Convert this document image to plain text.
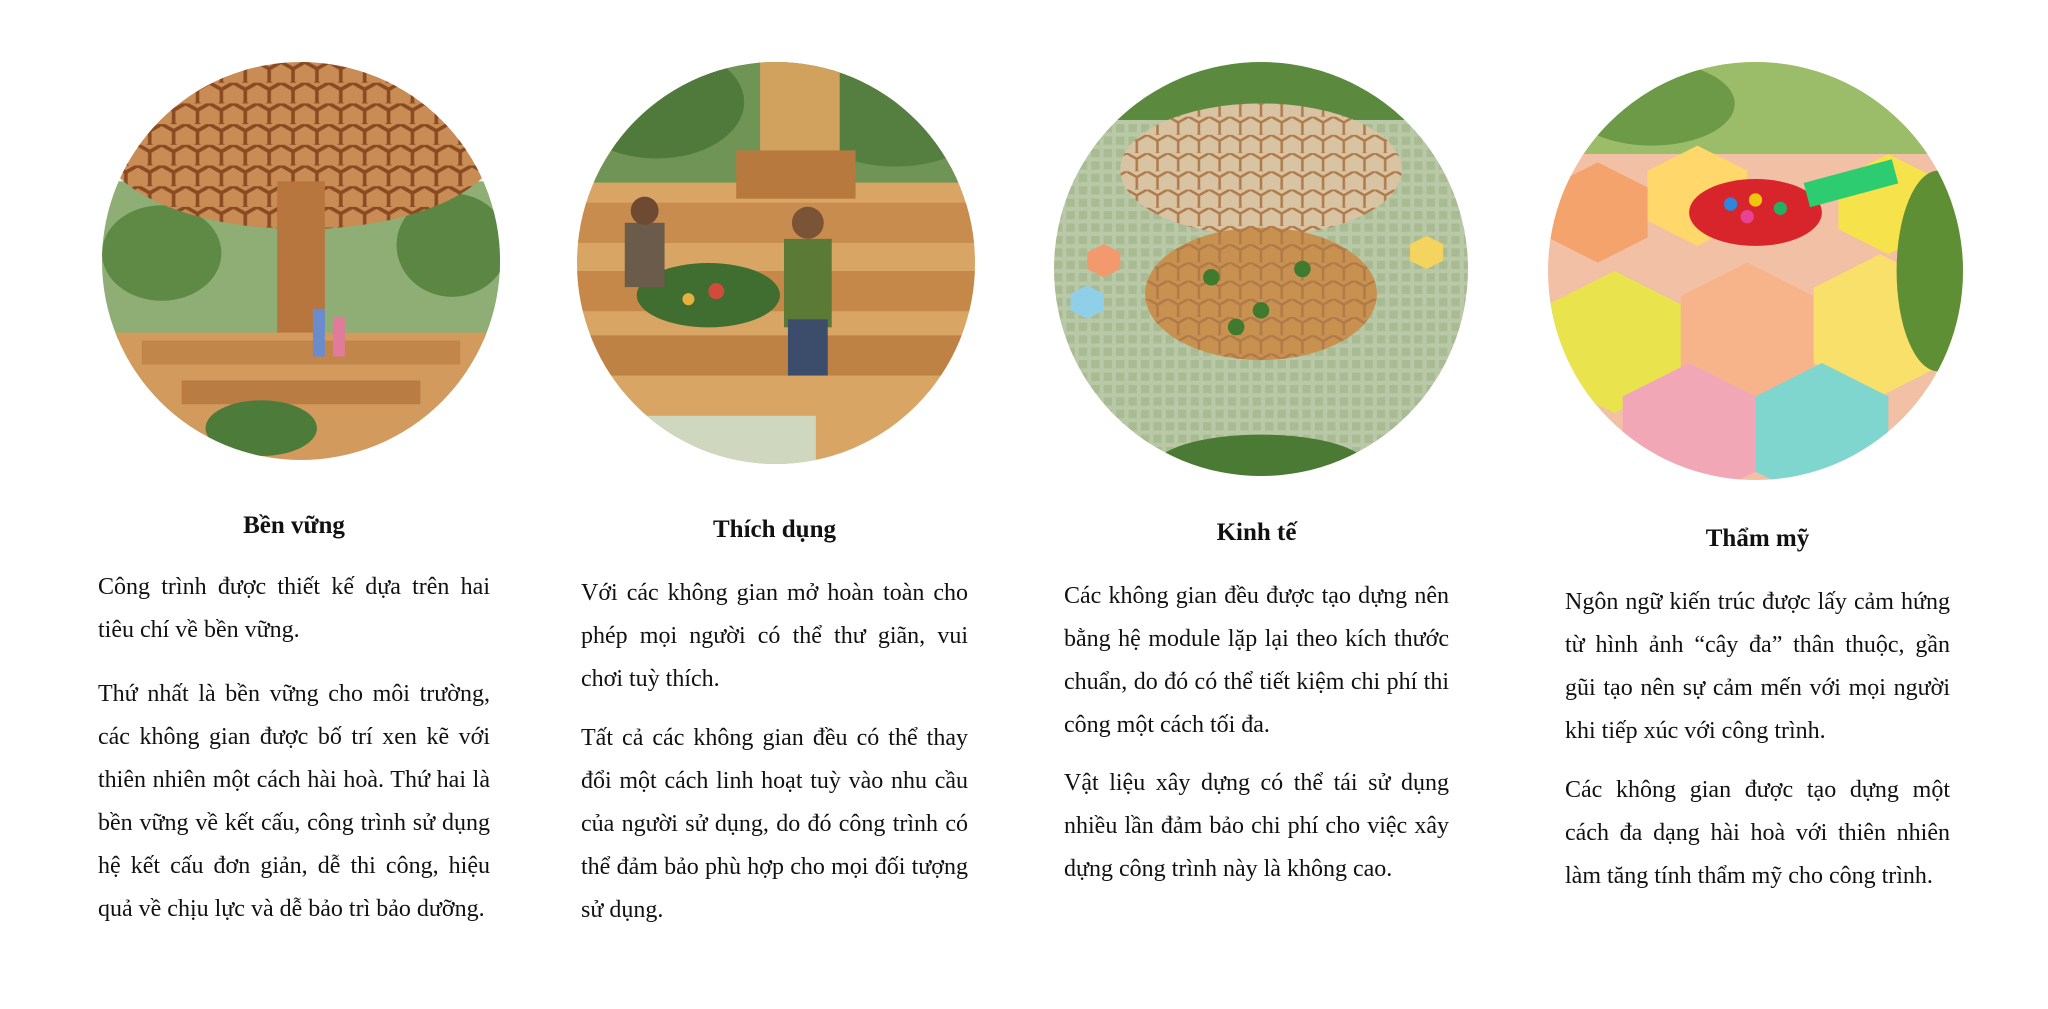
Bền vững

Công trình được thiết kế dựa trên hai tiêu chí về bền vững.

Thứ nhất là bền vững cho môi trường, các không gian được bố trí xen kẽ với thiên nhiên một cách hài hoà. Thứ hai là bền vững về kết cấu, công trình sử dụng hệ kết cấu đơn giản, dễ thi công, hiệu quả về chịu lực và dễ bảo trì bảo dưỡng.

Thích dụng

Với các không gian mở hoàn toàn cho phép mọi người có thể thư giãn, vui chơi tuỳ thích.

Tất cả các không gian đều có thể thay đổi một cách linh hoạt tuỳ vào nhu cầu của người sử dụng, do đó công trình có thể đảm bảo phù hợp cho mọi đối tượng sử dụng.

Kinh tế

Các không gian đều được tạo dựng nên bằng hệ module lặp lại theo kích thước chuẩn, do đó có thể tiết kiệm chi phí thi công một cách tối đa.

Vật liệu xây dựng có thể tái sử dụng nhiều lần đảm bảo chi phí cho việc xây dựng công trình này là không cao.

Thẩm mỹ

Ngôn ngữ kiến trúc được lấy cảm hứng từ hình ảnh “cây đa” thân thuộc, gần gũi tạo nên sự cảm mến với mọi người khi tiếp xúc với công trình.

Các không gian được tạo dựng một cách đa dạng hài hoà với thiên nhiên làm tăng tính thẩm mỹ cho công trình.
